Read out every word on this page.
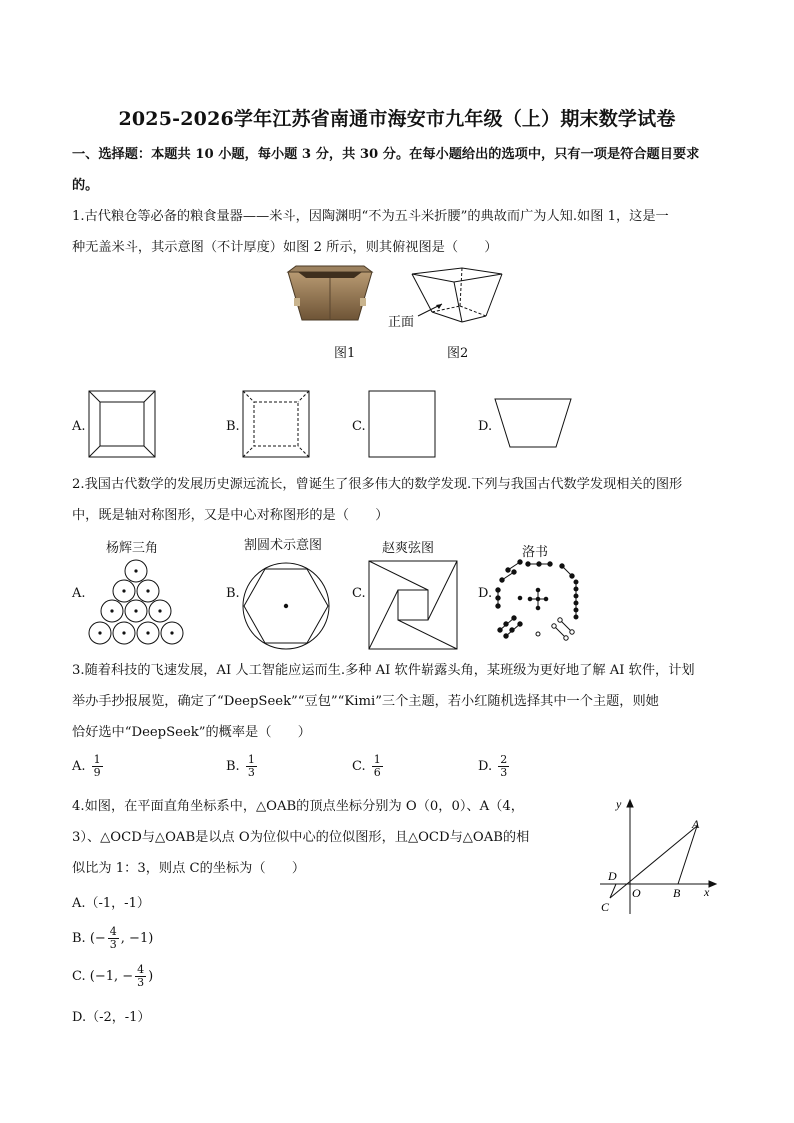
2025-2026学年江苏省南通市海安市九年级（上）期末数学试卷
一、选择题：本题共 10 小题，每小题 3 分，共 30 分。在每小题给出的选项中，只有一项是符合题目要求
的。
1.古代粮仓等必备的粮食量器——米斗，因陶渊明“不为五斗米折腰”的典故而广为人知.如图 1，这是一
种无盖米斗，其示意图（不计厚度）如图 2 所示，则其俯视图是（　　）
正面
图1	图2
A.	B.	C.	D.
2.我国古代数学的发展历史源远流长，曾诞生了很多伟大的数学发现.下列与我国古代数学发现相关的图形
中，既是轴对称图形，又是中心对称图形的是（　　）
杨辉三角	割圆术示意图	赵爽弦图	洛书
A.	B.	C.	D.
3.随着科技的飞速发展，AI 人工智能应运而生.多种 AI 软件崭露头角，某班级为更好地了解 AI 软件，计划
举办手抄报展览，确定了“DeepSeek”“豆包”“Kimi”三个主题，若小红随机选择其中一个主题，则她
恰好选中“DeepSeek”的概率是（　　）
A. $\frac{1}{9}$	B. $\frac{1}{3}$	C. $\frac{1}{6}$	D. $\frac{2}{3}$
4.如图，在平面直角坐标系中，△OAB的顶点坐标分别为 O（0，0）、A（4，
3）、△OCD与△OAB是以点 O为位似中心的位似图形，且△OCD与△OAB的相
似比为 1：3，则点 C的坐标为（　　）
A.（-1，-1）
B. (− $\frac{4}{3}$ , −1)
C. (−1, − $\frac{4}{3}$ )
D.（-2，-1）
y
x
A
B
C
D
O
